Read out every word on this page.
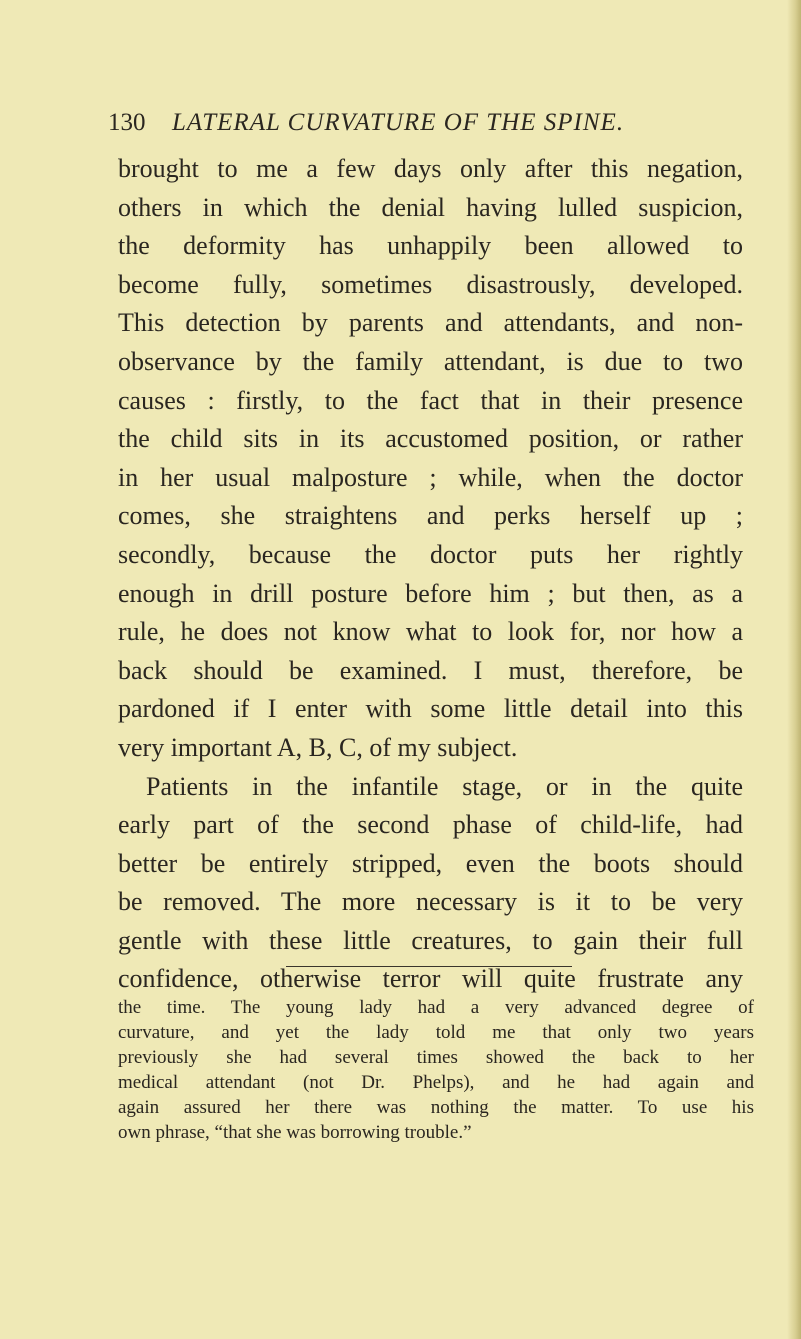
130 LATERAL CURVATURE OF THE SPINE.
brought to me a few days only after this negation,
others in which the denial having lulled suspicion,
the deformity has unhappily been allowed to
become fully, sometimes disastrously, developed.
This detection by parents and attendants, and non-
observance by the family attendant, is due to two
causes : firstly, to the fact that in their presence
the child sits in its accustomed position, or rather
in her usual malposture ; while, when the doctor
comes, she straightens and perks herself up ;
secondly, because the doctor puts her rightly
enough in drill posture before him ; but then, as a
rule, he does not know what to look for, nor how a
back should be examined. I must, therefore, be
pardoned if I enter with some little detail into this
very important A, B, C, of my subject.
Patients in the infantile stage, or in the quite
early part of the second phase of child-life, had
better be entirely stripped, even the boots should
be removed. The more necessary is it to be very
gentle with these little creatures, to gain their full
confidence, otherwise terror will quite frustrate any
the time. The young lady had a very advanced degree of
curvature, and yet the lady told me that only two years
previously she had several times showed the back to her
medical attendant (not Dr. Phelps), and he had again and
again assured her there was nothing the matter. To use his
own phrase, “that she was borrowing trouble.”
